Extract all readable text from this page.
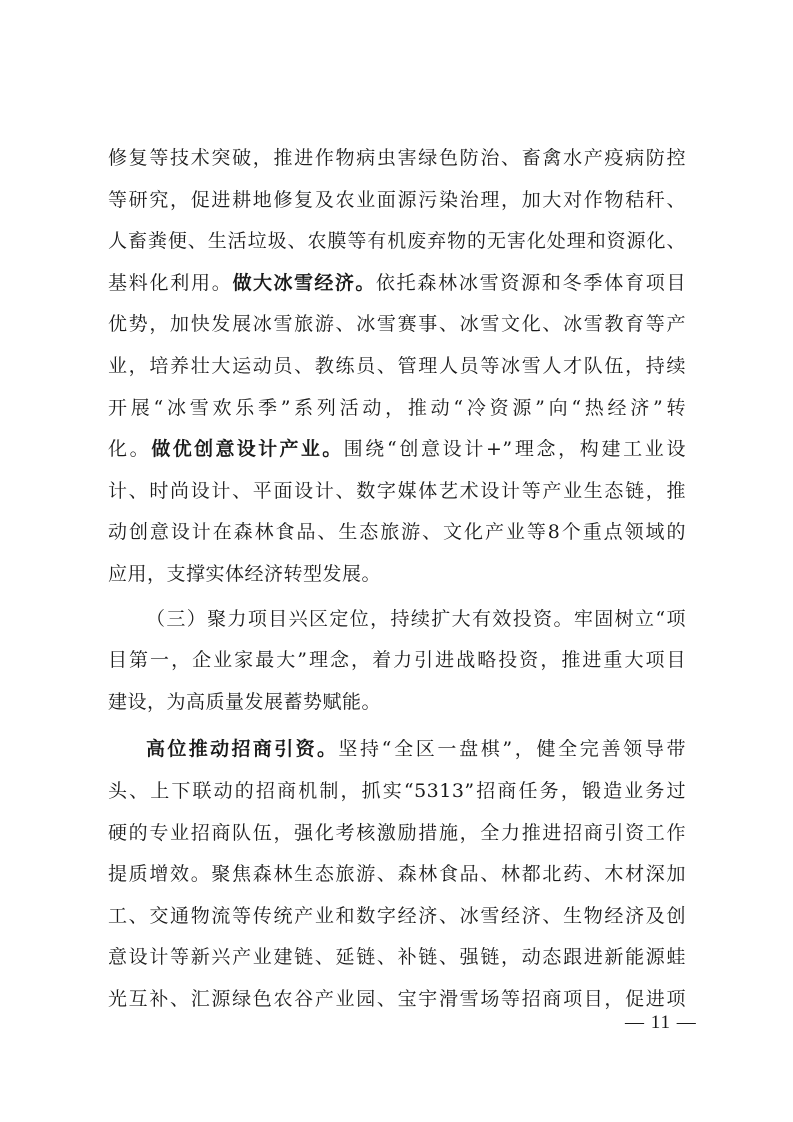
修复等技术突破，推进作物病虫害绿色防治、畜禽水产疫病防控
等研究，促进耕地修复及农业面源污染治理，加大对作物秸秆、
人畜粪便、生活垃圾、农膜等有机废弃物的无害化处理和资源化、
基料化利用。做大冰雪经济。依托森林冰雪资源和冬季体育项目
优势，加快发展冰雪旅游、冰雪赛事、冰雪文化、冰雪教育等产
业，培养壮大运动员、教练员、管理人员等冰雪人才队伍，持续
开展“冰雪欢乐季”系列活动，推动“冷资源”向“热经济”转
化。做优创意设计产业。围绕“创意设计+”理念，构建工业设
计、时尚设计、平面设计、数字媒体艺术设计等产业生态链，推
动创意设计在森林食品、生态旅游、文化产业等8个重点领域的
应用，支撑实体经济转型发展。
（三）聚力项目兴区定位，持续扩大有效投资。牢固树立“项
目第一，企业家最大”理念，着力引进战略投资，推进重大项目
建设，为高质量发展蓄势赋能。
高位推动招商引资。坚持“全区一盘棋”，健全完善领导带
头、上下联动的招商机制，抓实“5313”招商任务，锻造业务过
硬的专业招商队伍，强化考核激励措施，全力推进招商引资工作
提质增效。聚焦森林生态旅游、森林食品、林都北药、木材深加
工、交通物流等传统产业和数字经济、冰雪经济、生物经济及创
意设计等新兴产业建链、延链、补链、强链，动态跟进新能源蛙
光互补、汇源绿色农谷产业园、宝宇滑雪场等招商项目，促进项
— 11 —
